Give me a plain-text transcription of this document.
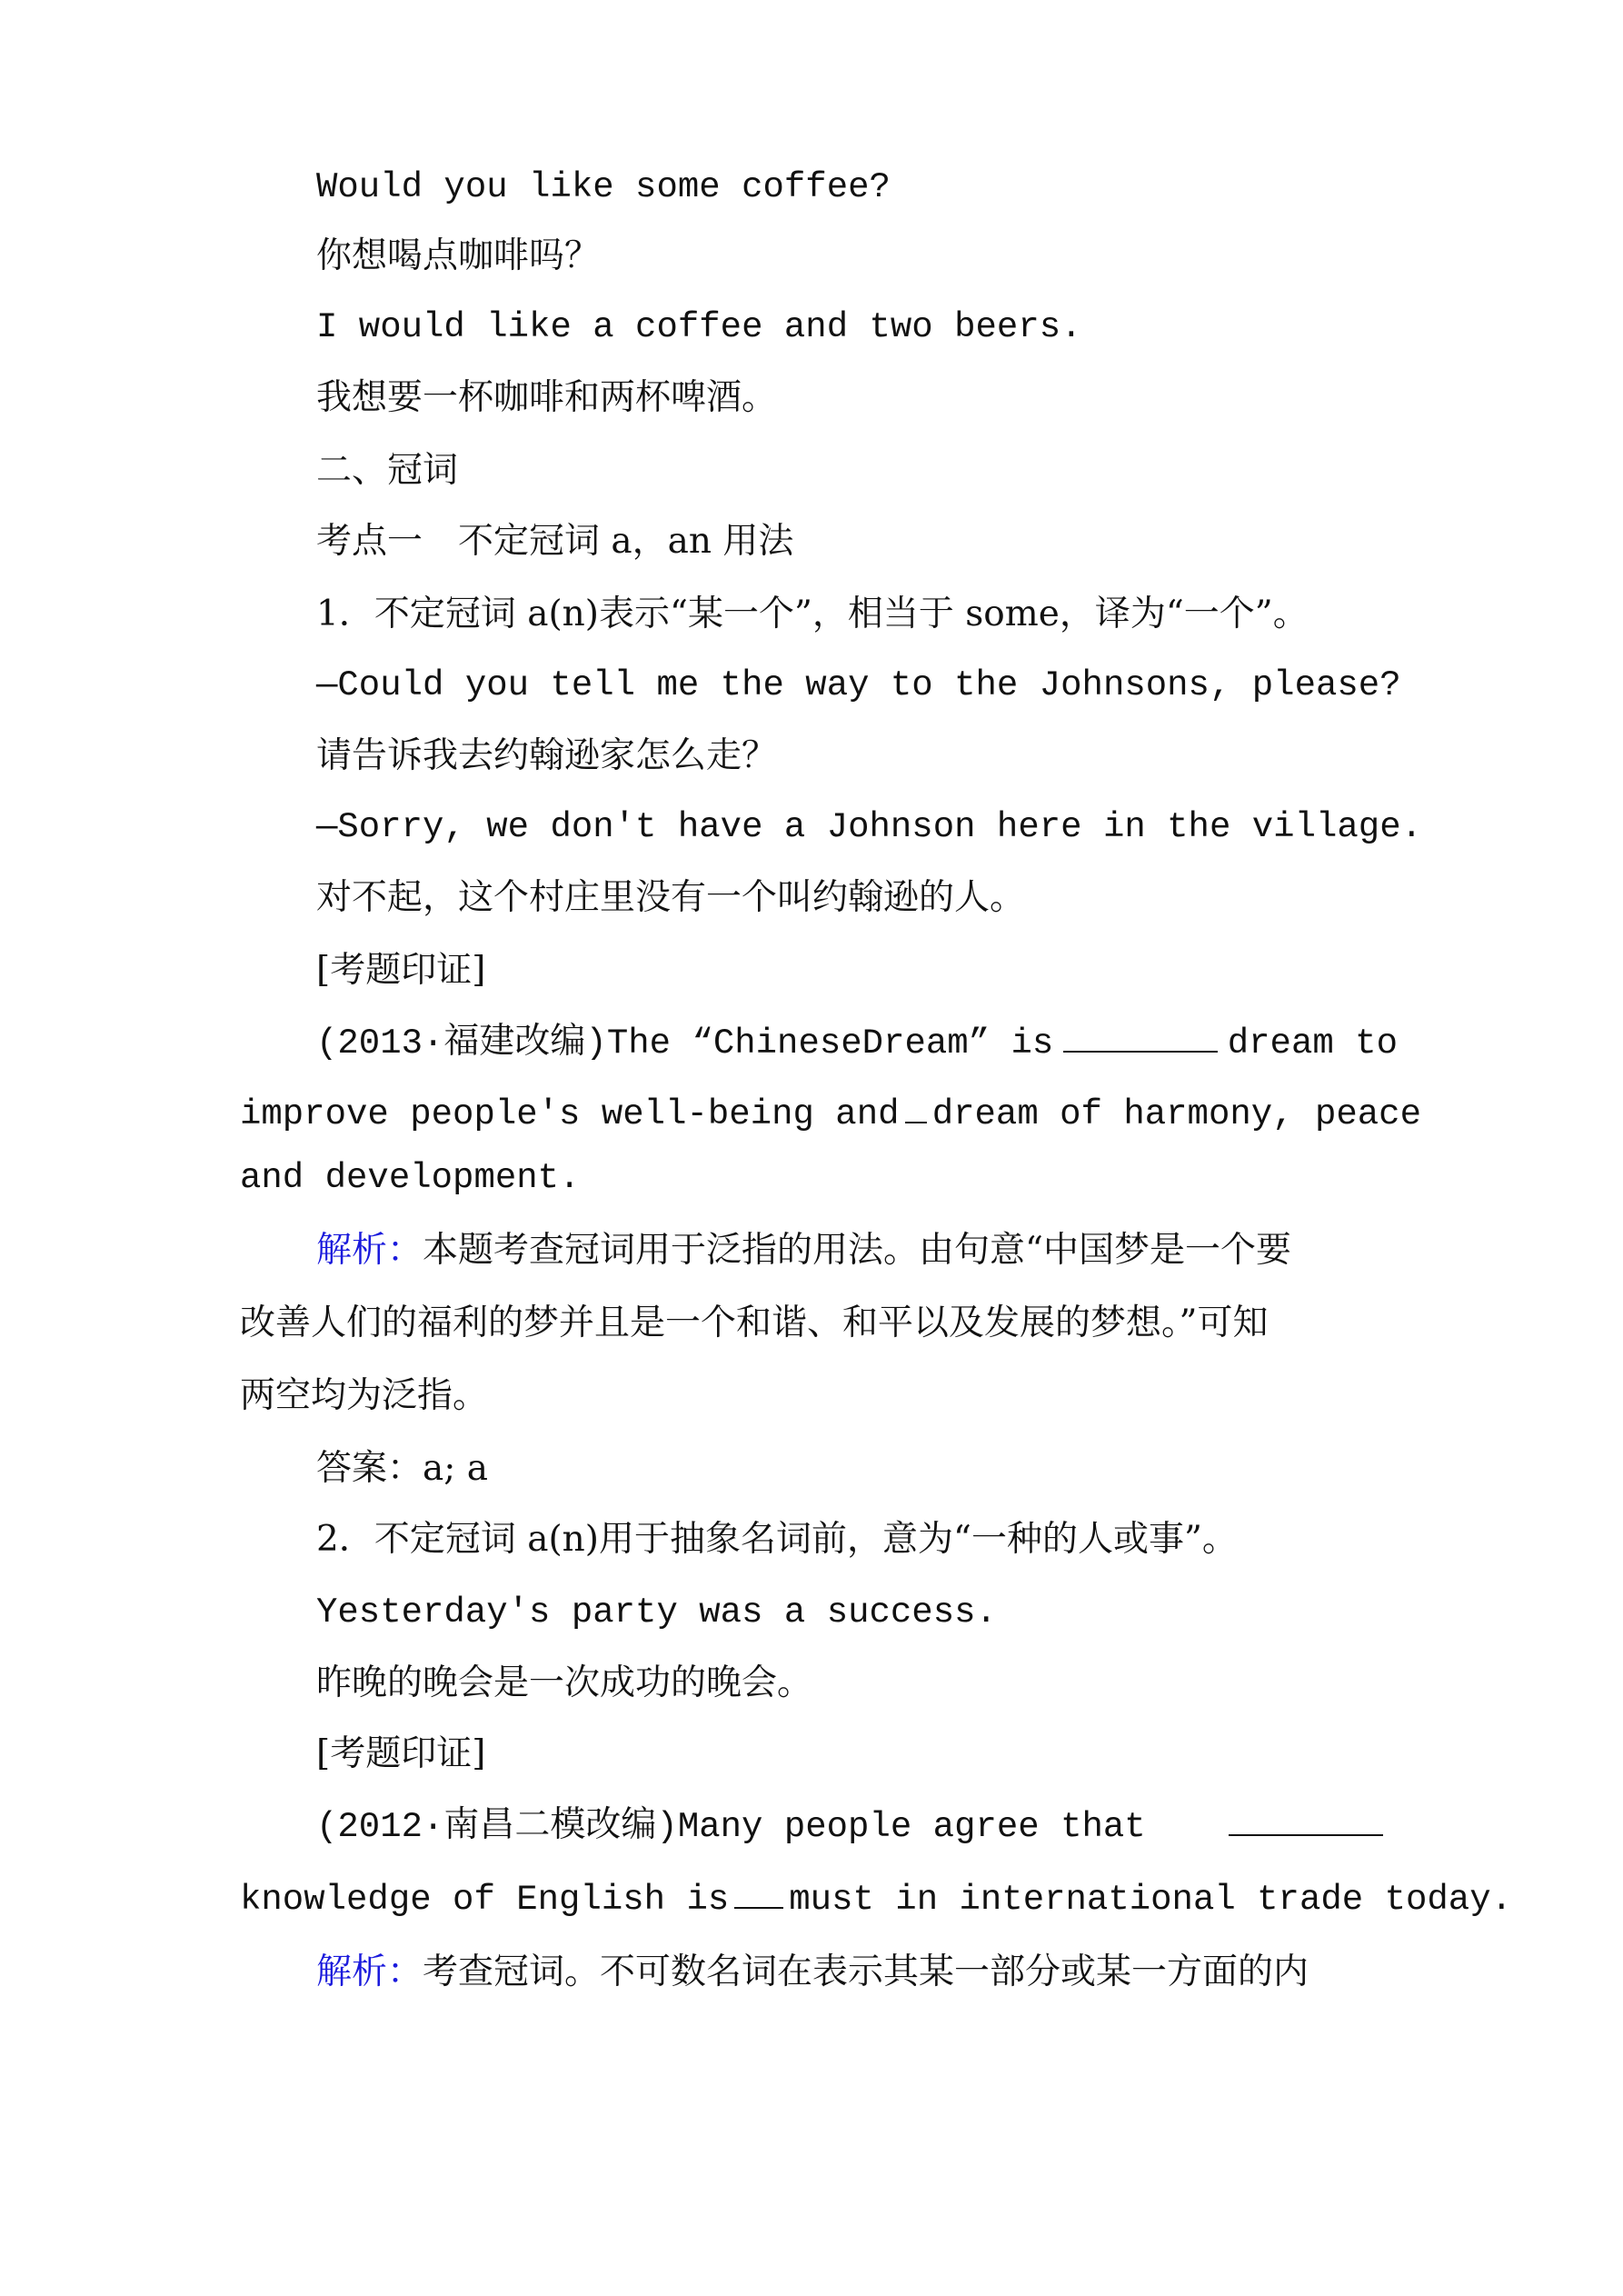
Would you like some coffee?
你想喝点咖啡吗？
I would like a coffee and two beers.
我想要一杯咖啡和两杯啤酒。
二、冠词
考点一　不定冠词 a，an 用法
1．不定冠词 a(n)表示“某一个”，相当于 some，译为“一个”。
—Could you tell me the way to the Johnsons, please?
请告诉我去约翰逊家怎么走？
—Sorry, we don't have a Johnson here in the village.
对不起，这个村庄里没有一个叫约翰逊的人。
[考题印证]
(2013·福建改编)The “ChineseDream” is	dream to
improve people's well-being and dream of harmony, peace
and development.
解析：本题考查冠词用于泛指的用法。由句意“中国梦是一个要
改善人们的福利的梦并且是一个和谐、和平以及发展的梦想。”可知
两空均为泛指。
答案：a; a
2．不定冠词 a(n)用于抽象名词前，意为“一种的人或事”。
Yesterday's party was a success.
昨晚的晚会是一次成功的晚会。
[考题印证]
(2012·南昌二模改编)Many people agree that
knowledge of English is must in international trade today.
解析：考查冠词。不可数名词在表示其某一部分或某一方面的内
